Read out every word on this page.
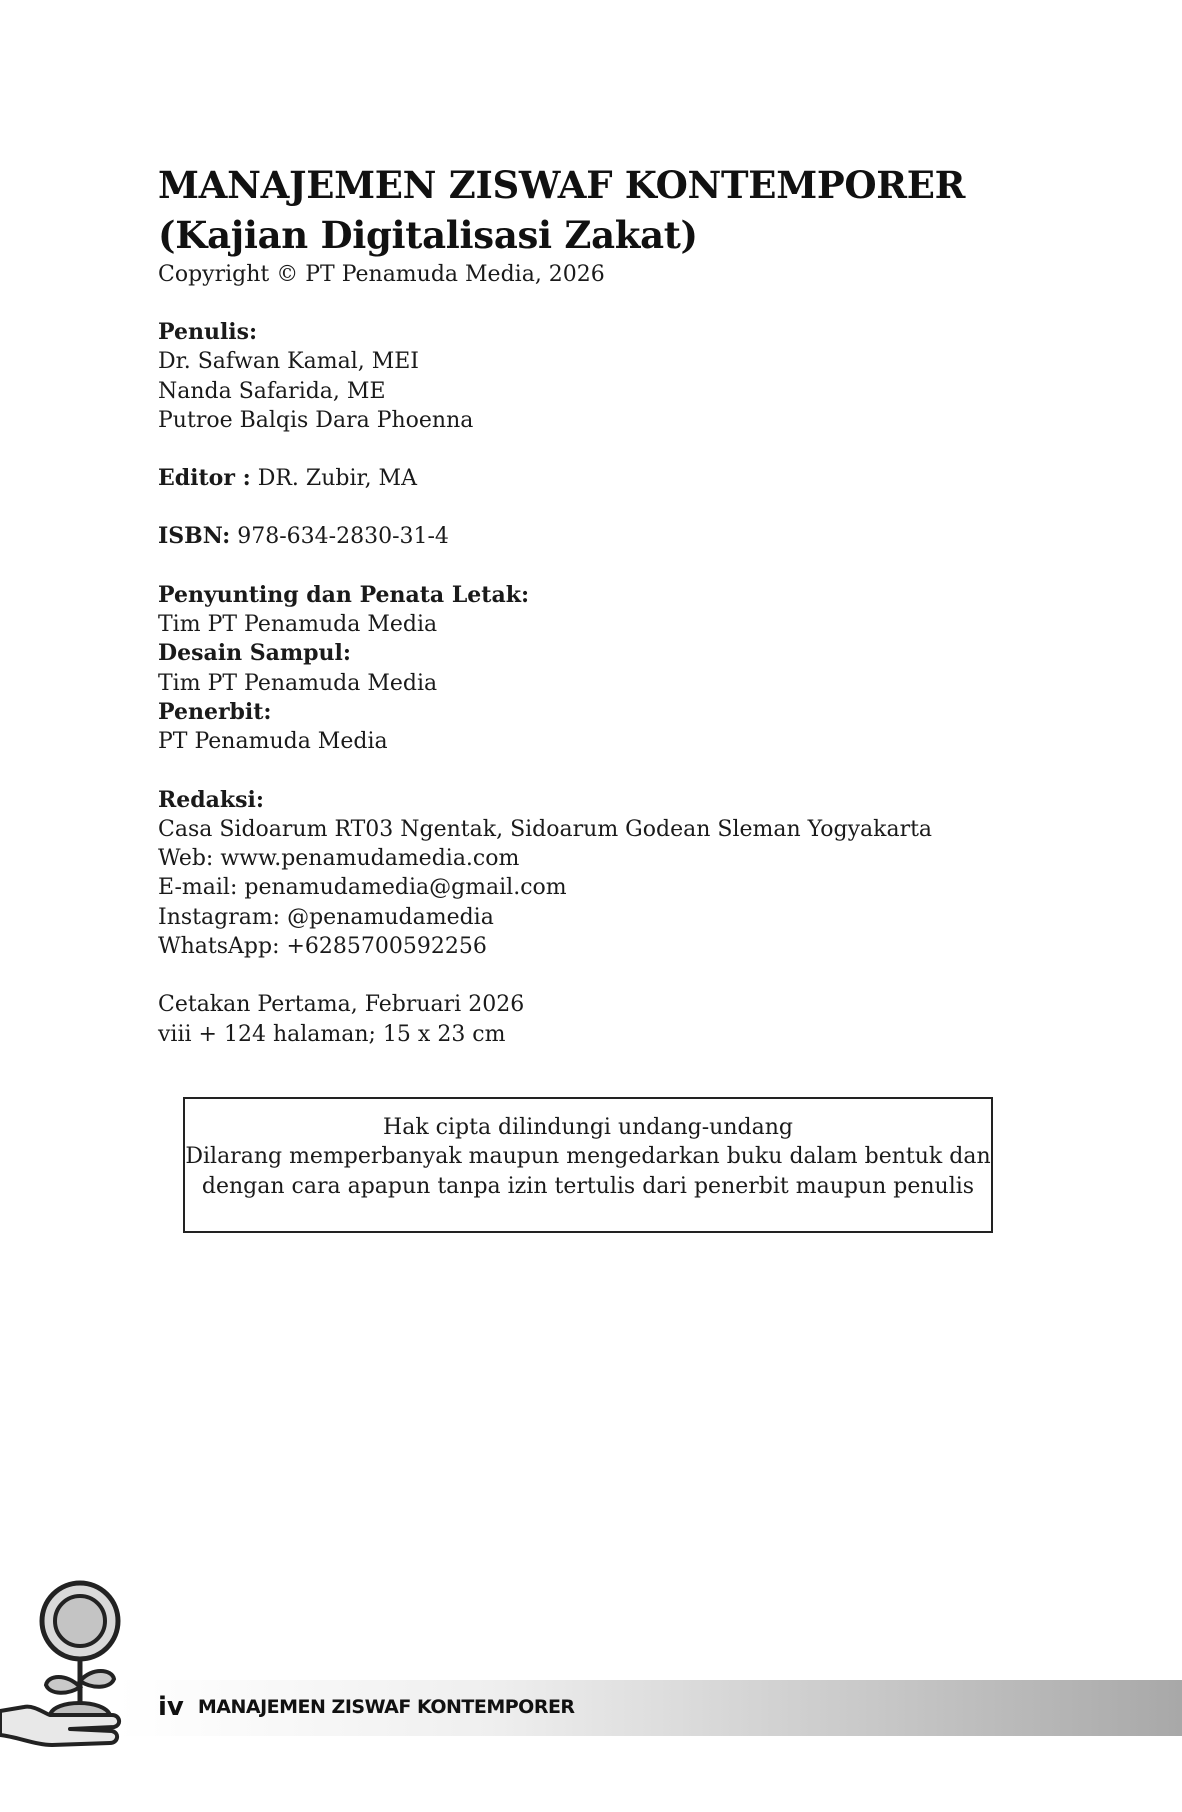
MANAJEMEN ZISWAF KONTEMPORER
(Kajian Digitalisasi Zakat)

Copyright © PT Penamuda Media, 2026

Penulis:
Dr. Safwan Kamal, MEI
Nanda Safarida, ME
Putroe Balqis Dara Phoenna
Editor : DR. Zubir, MA
ISBN: 978-634-2830-31-4
Penyunting dan Penata Letak:
Tim PT Penamuda Media
Desain Sampul:
Tim PT Penamuda Media
Penerbit:
PT Penamuda Media
Redaksi:
Casa Sidoarum RT03 Ngentak, Sidoarum Godean Sleman Yogyakarta
Web: www.penamudamedia.com
E-mail: penamudamedia@gmail.com
Instagram: @penamudamedia
WhatsApp: +6285700592256
Cetakan Pertama, Februari 2026
viii + 124 halaman; 15 x 23 cm
Hak cipta dilindungi undang-undang
Dilarang memperbanyak maupun mengedarkan buku dalam bentuk dan
dengan cara apapun tanpa izin tertulis dari penerbit maupun penulis
iv MANAJEMEN ZISWAF KONTEMPORER
